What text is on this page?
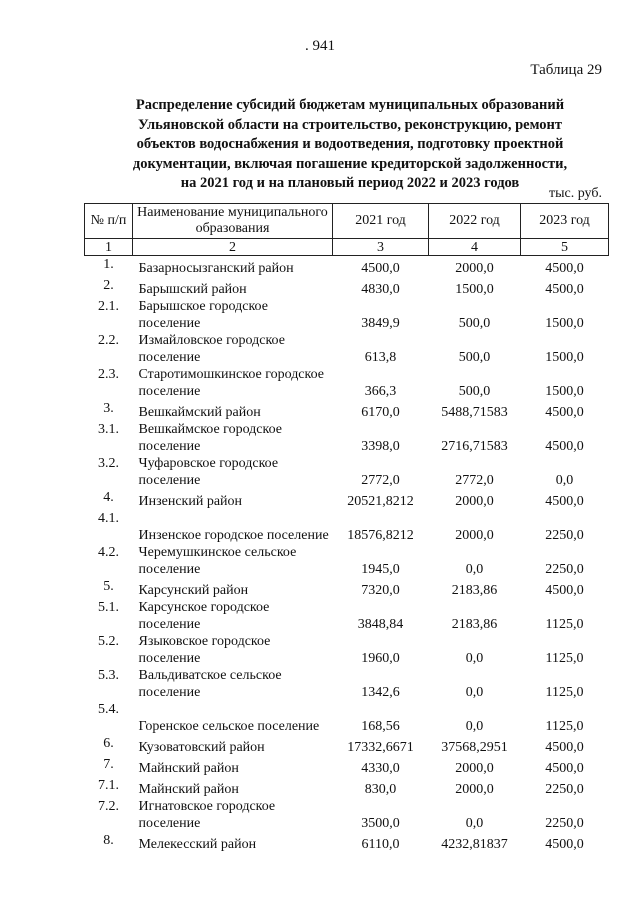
. 941
Таблица 29
Распределение субсидий бюджетам муниципальных образований
Ульяновской области на строительство, реконструкцию, ремонт
объектов водоснабжения и водоотведения, подготовку проектной
документации, включая погашение кредиторской задолженности,
на 2021 год и на плановый период 2022 и 2023 годов
тыс. руб.
№ п/п	Наименование муниципального образования	2021 год	2022 год	2023 год
1	2	3	4	5
1.	Базарносызганский район	4500,0	2000,0	4500,0
2.	Барышский район	4830,0	1500,0	4500,0
2.1.	Барышское городское поселение	3849,9	500,0	1500,0
2.2.	Измайловское городское поселение	613,8	500,0	1500,0
2.3.	Старотимошкинское городское поселение	366,3	500,0	1500,0
3.	Вешкаймский район	6170,0	5488,71583	4500,0
3.1.	Вешкаймское городское поселение	3398,0	2716,71583	4500,0
3.2.	Чуфаровское городское поселение	2772,0	2772,0	0,0
4.	Инзенский район	20521,8212	2000,0	4500,0
4.1.	Инзенское городское поселение	18576,8212	2000,0	2250,0
4.2.	Черемушкинское сельское поселение	1945,0	0,0	2250,0
5.	Карсунский район	7320,0	2183,86	4500,0
5.1.	Карсунское городское поселение	3848,84	2183,86	1125,0
5.2.	Языковское городское поселение	1960,0	0,0	1125,0
5.3.	Вальдиватское сельское поселение	1342,6	0,0	1125,0
5.4.	Горенское сельское поселение	168,56	0,0	1125,0
6.	Кузоватовский район	17332,6671	37568,2951	4500,0
7.	Майнский район	4330,0	2000,0	4500,0
7.1.	Майнский район	830,0	2000,0	2250,0
7.2.	Игнатовское городское поселение	3500,0	0,0	2250,0
8.	Мелекесский район	6110,0	4232,81837	4500,0
